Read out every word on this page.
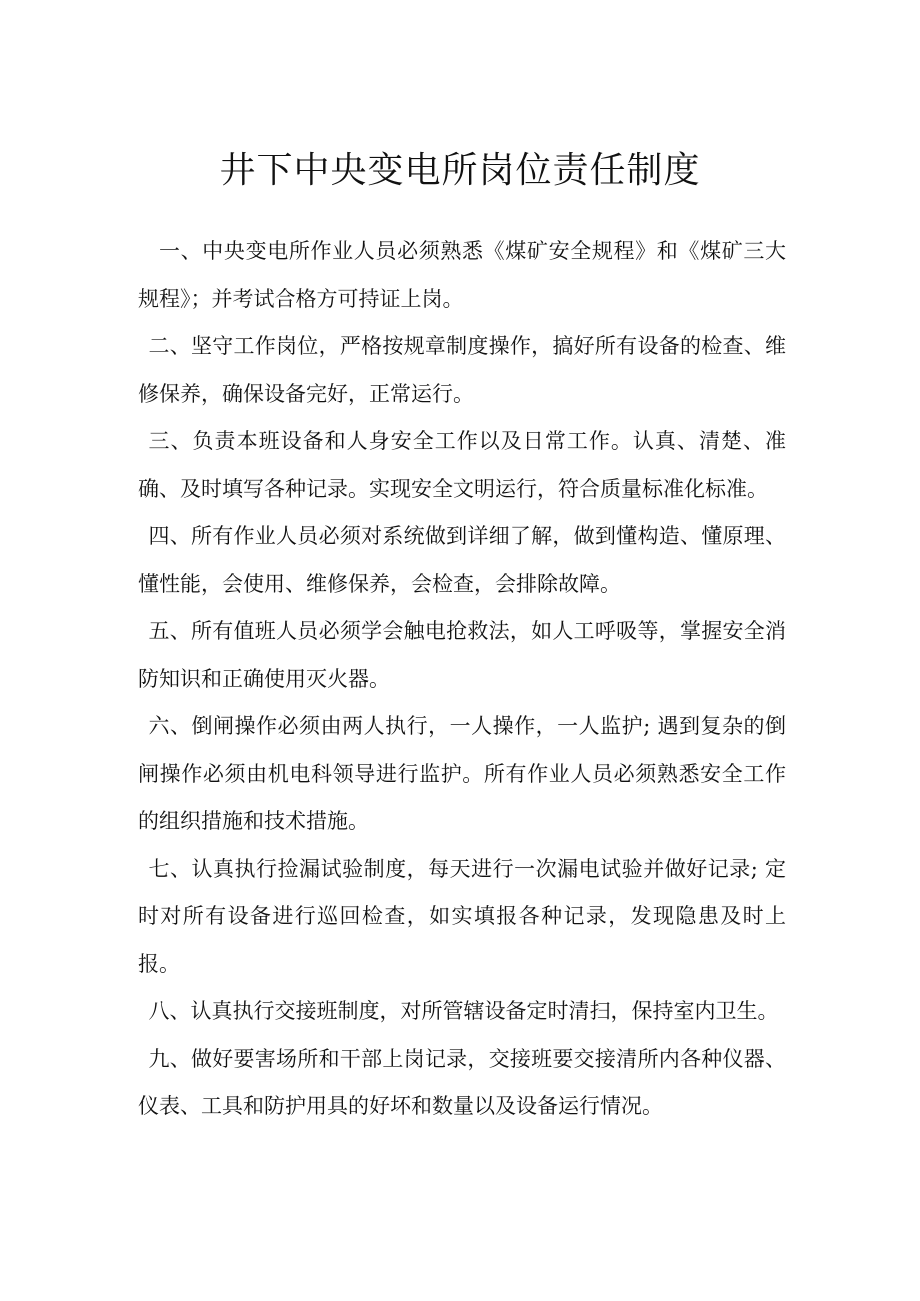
井下中央变电所岗位责任制度

一、中央变电所作业人员必须熟悉《煤矿安全规程》和《煤矿三大规程》；并考试合格方可持证上岗。

二、坚守工作岗位，严格按规章制度操作，搞好所有设备的检查、维修保养，确保设备完好，正常运行。

三、负责本班设备和人身安全工作以及日常工作。认真、清楚、准确、及时填写各种记录。实现安全文明运行，符合质量标准化标准。

四、所有作业人员必须对系统做到详细了解，做到懂构造、懂原理、懂性能，会使用、维修保养，会检查，会排除故障。

五、所有值班人员必须学会触电抢救法，如人工呼吸等，掌握安全消防知识和正确使用灭火器。

六、倒闸操作必须由两人执行，一人操作，一人监护; 遇到复杂的倒闸操作必须由机电科领导进行监护。所有作业人员必须熟悉安全工作的组织措施和技术措施。

七、认真执行捡漏试验制度，每天进行一次漏电试验并做好记录; 定时对所有设备进行巡回检查，如实填报各种记录，发现隐患及时上报。

八、认真执行交接班制度，对所管辖设备定时清扫，保持室内卫生。

九、做好要害场所和干部上岗记录，交接班要交接清所内各种仪器、仪表、工具和防护用具的好坏和数量以及设备运行情况。
